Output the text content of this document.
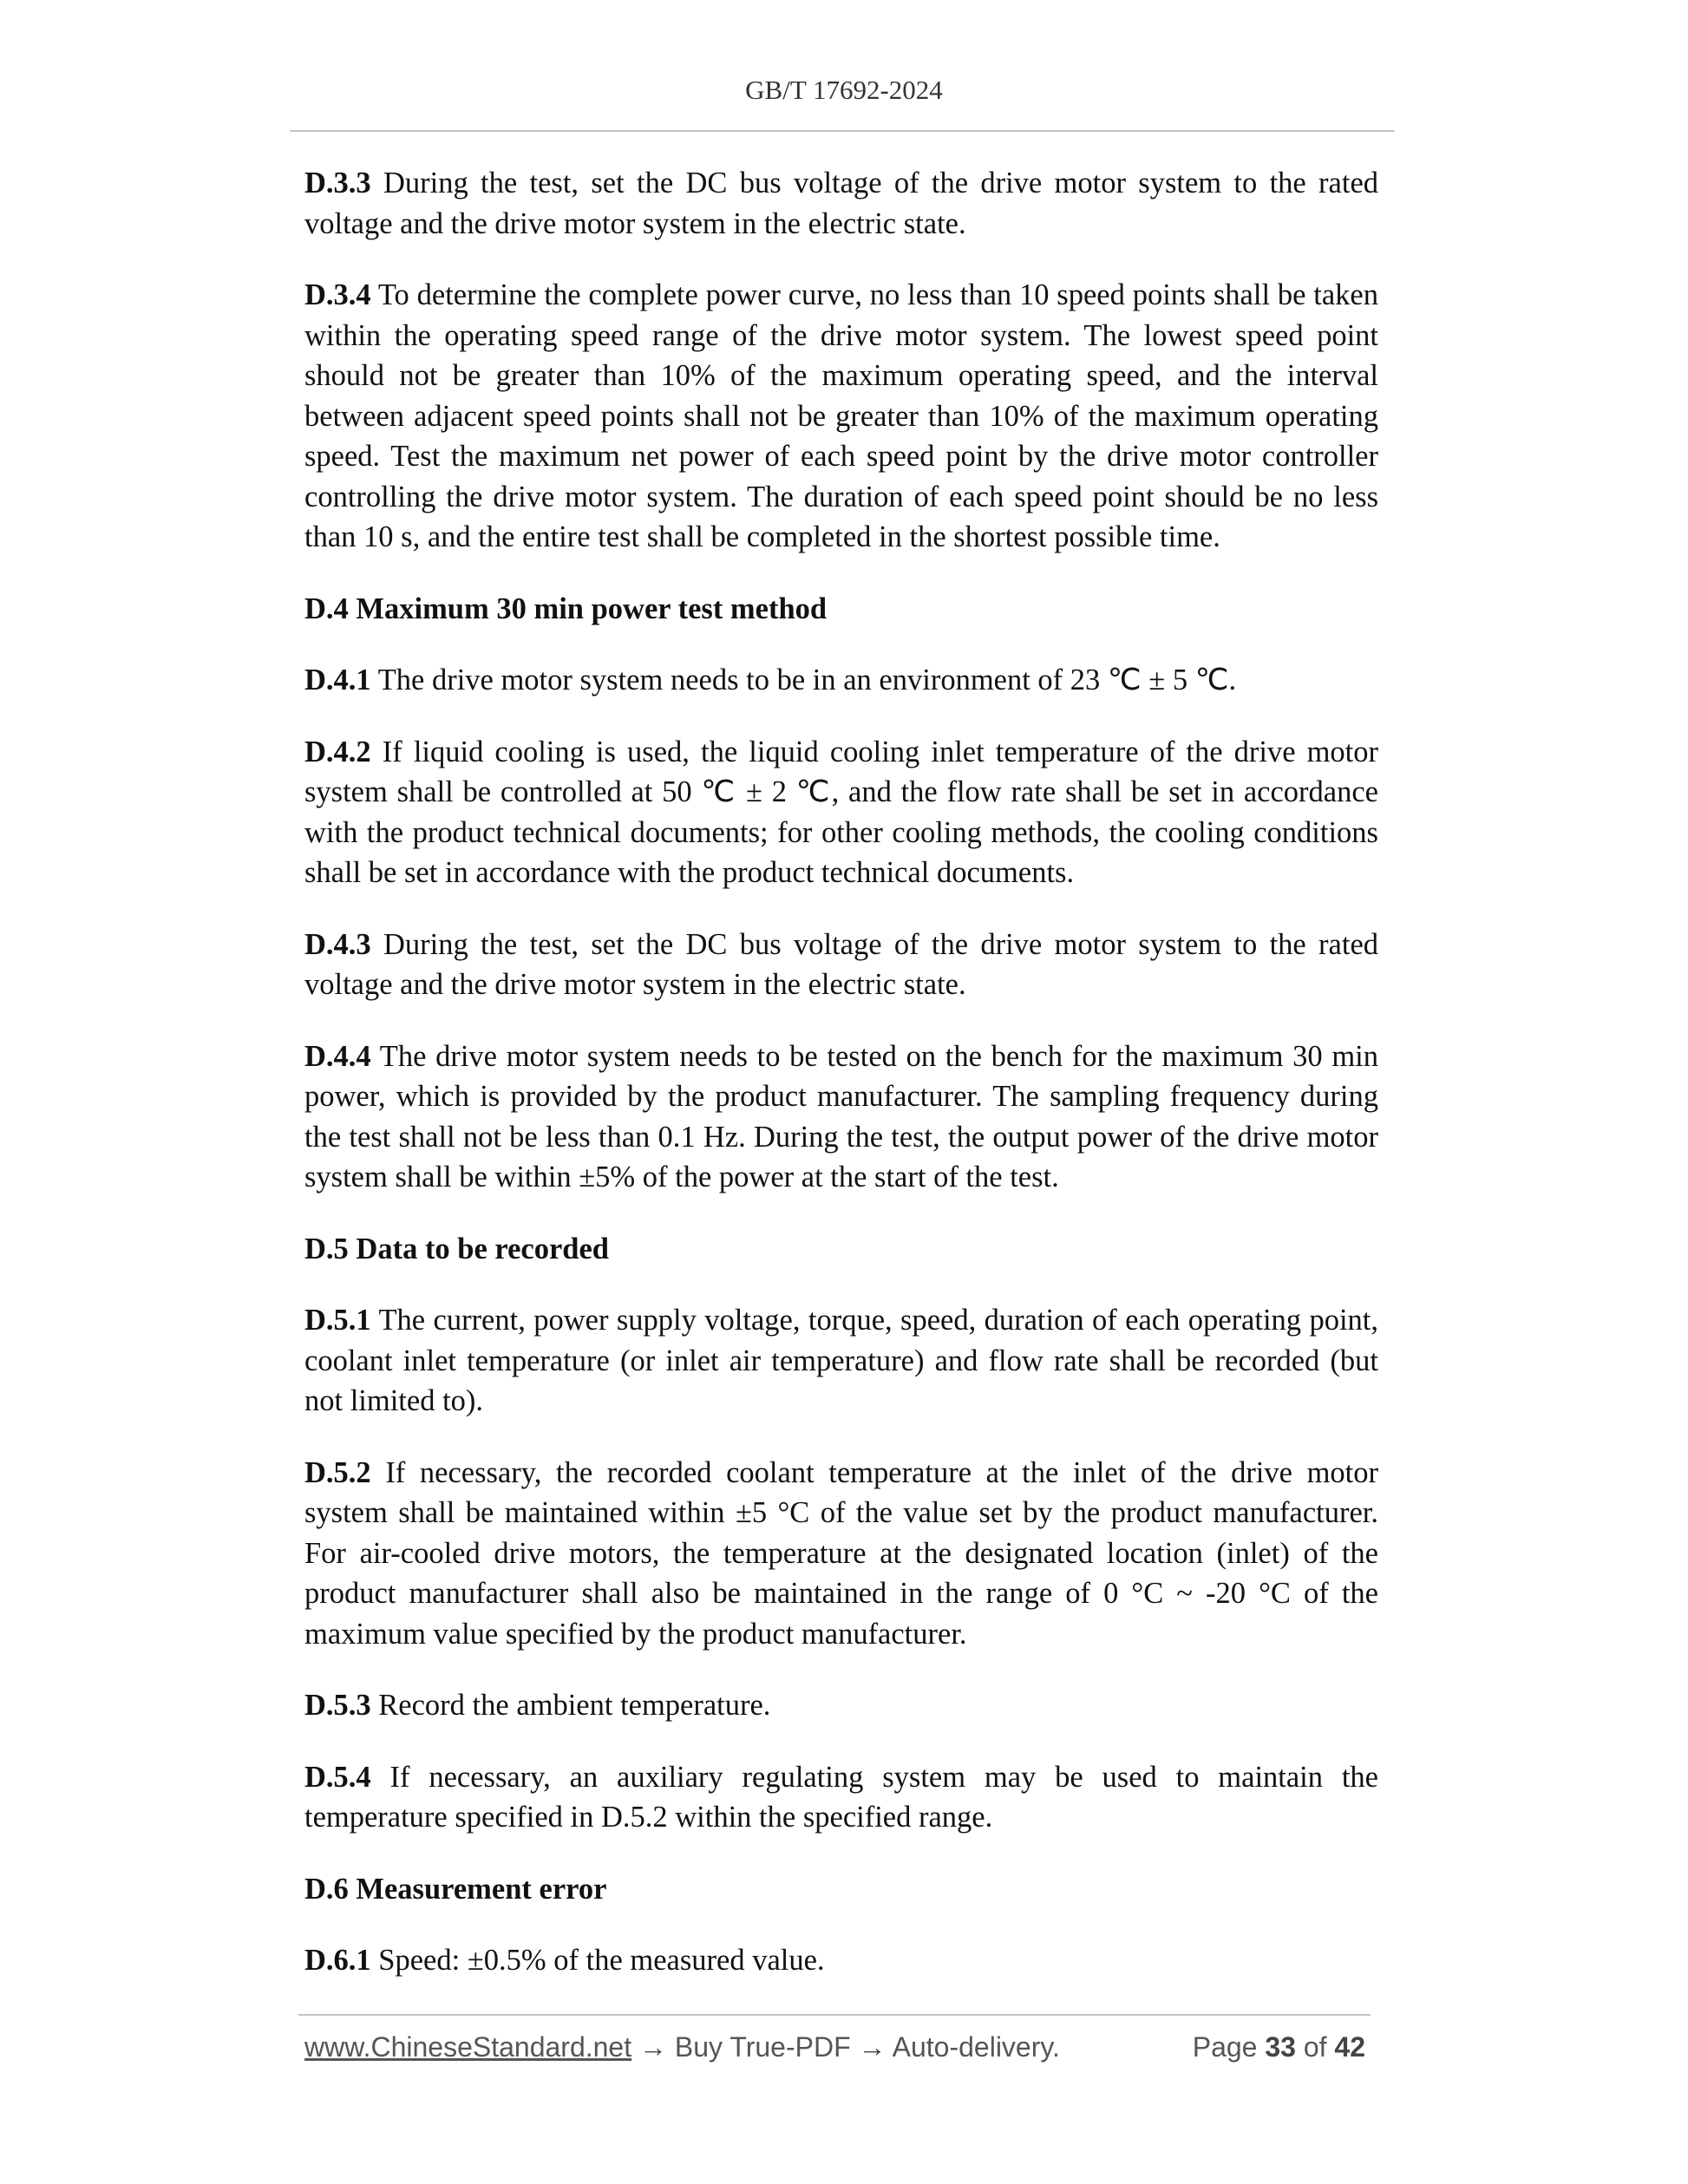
GB/T 17692-2024

D.3.3 During the test, set the DC bus voltage of the drive motor system to the rated voltage and the drive motor system in the electric state.

D.3.4 To determine the complete power curve, no less than 10 speed points shall be taken within the operating speed range of the drive motor system. The lowest speed point should not be greater than 10% of the maximum operating speed, and the interval between adjacent speed points shall not be greater than 10% of the maximum operating speed. Test the maximum net power of each speed point by the drive motor controller controlling the drive motor system. The duration of each speed point should be no less than 10 s, and the entire test shall be completed in the shortest possible time.

D.4 Maximum 30 min power test method

D.4.1 The drive motor system needs to be in an environment of 23 ℃ ± 5 ℃.

D.4.2 If liquid cooling is used, the liquid cooling inlet temperature of the drive motor system shall be controlled at 50 ℃ ± 2 ℃, and the flow rate shall be set in accordance with the product technical documents; for other cooling methods, the cooling conditions shall be set in accordance with the product technical documents.

D.4.3 During the test, set the DC bus voltage of the drive motor system to the rated voltage and the drive motor system in the electric state.

D.4.4 The drive motor system needs to be tested on the bench for the maximum 30 min power, which is provided by the product manufacturer. The sampling frequency during the test shall not be less than 0.1 Hz. During the test, the output power of the drive motor system shall be within ±5% of the power at the start of the test.

D.5 Data to be recorded

D.5.1 The current, power supply voltage, torque, speed, duration of each operating point, coolant inlet temperature (or inlet air temperature) and flow rate shall be recorded (but not limited to).

D.5.2 If necessary, the recorded coolant temperature at the inlet of the drive motor system shall be maintained within ±5 °C of the value set by the product manufacturer. For air-cooled drive motors, the temperature at the designated location (inlet) of the product manufacturer shall also be maintained in the range of 0 °C ~ -20 °C of the maximum value specified by the product manufacturer.

D.5.3 Record the ambient temperature.

D.5.4 If necessary, an auxiliary regulating system may be used to maintain the temperature specified in D.5.2 within the specified range.

D.6 Measurement error

D.6.1 Speed: ±0.5% of the measured value.

www.ChineseStandard.net → Buy True-PDF → Auto-delivery.	Page 33 of 42
